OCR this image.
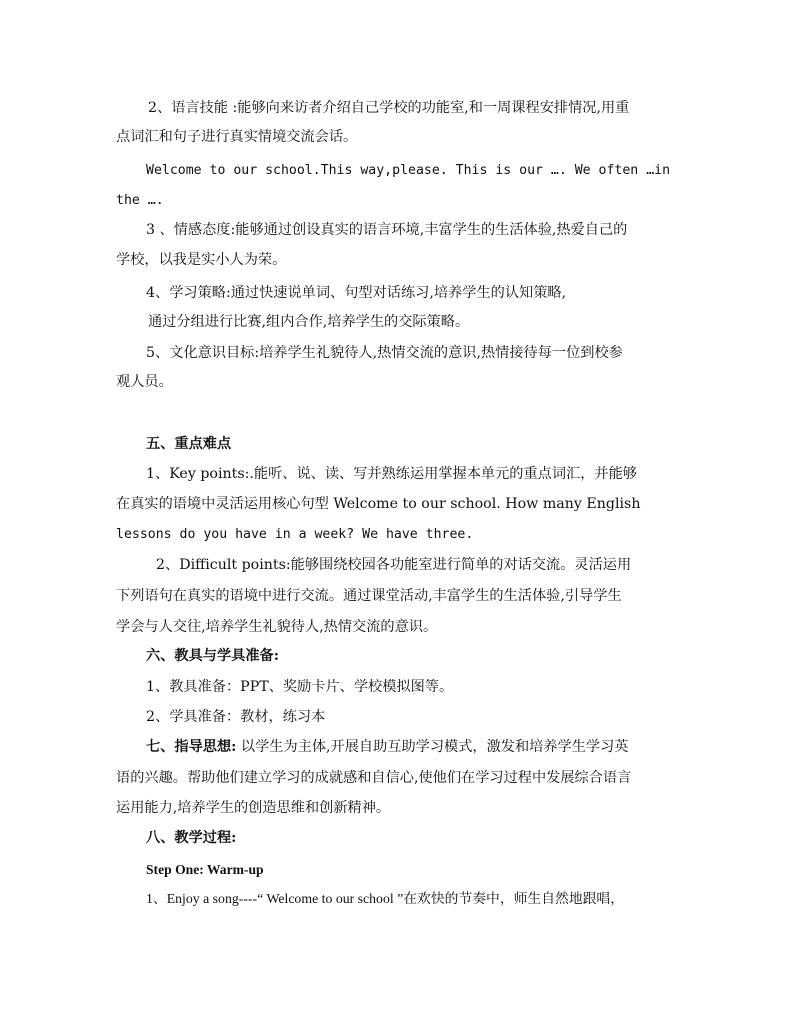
2、语言技能 :能够向来访者介绍自己学校的功能室,和一周课程安排情况,用重

点词汇和句子进行真实情境交流会话。

Welcome to our school.This way,please. This is our …. We often …in

the ….

3 、情感态度:能够通过创设真实的语言环境,丰富学生的生活体验,热爱自己的

学校，以我是实小人为荣。

4、学习策略:通过快速说单词、句型对话练习,培养学生的认知策略,

通过分组进行比赛,组内合作,培养学生的交际策略。

5、文化意识目标:培养学生礼貌待人,热情交流的意识,热情接待每一位到校参

观人员。

五、重点难点

1、Key points:.能听、说、读、写并熟练运用掌握本单元的重点词汇，并能够

在真实的语境中灵活运用核心句型 Welcome to our school. How many English

lessons do you have in a week? We have three.

2、Difficult points:能够围绕校园各功能室进行简单的对话交流。灵活运用

下列语句在真实的语境中进行交流。通过课堂活动,丰富学生的生活体验,引导学生

学会与人交往,培养学生礼貌待人,热情交流的意识。

六、教具与学具准备:

1、教具准备：PPT、奖励卡片、学校模拟图等。

2、学具准备：教材，练习本

七、指导思想: 以学生为主体,开展自助互助学习模式，激发和培养学生学习英

语的兴趣。帮助他们建立学习的成就感和自信心,使他们在学习过程中发展综合语言

运用能力,培养学生的创造思维和创新精神。

八、教学过程:

Step One: Warm-up

1、Enjoy a song----“ Welcome to our school ”在欢快的节奏中，师生自然地跟唱，
